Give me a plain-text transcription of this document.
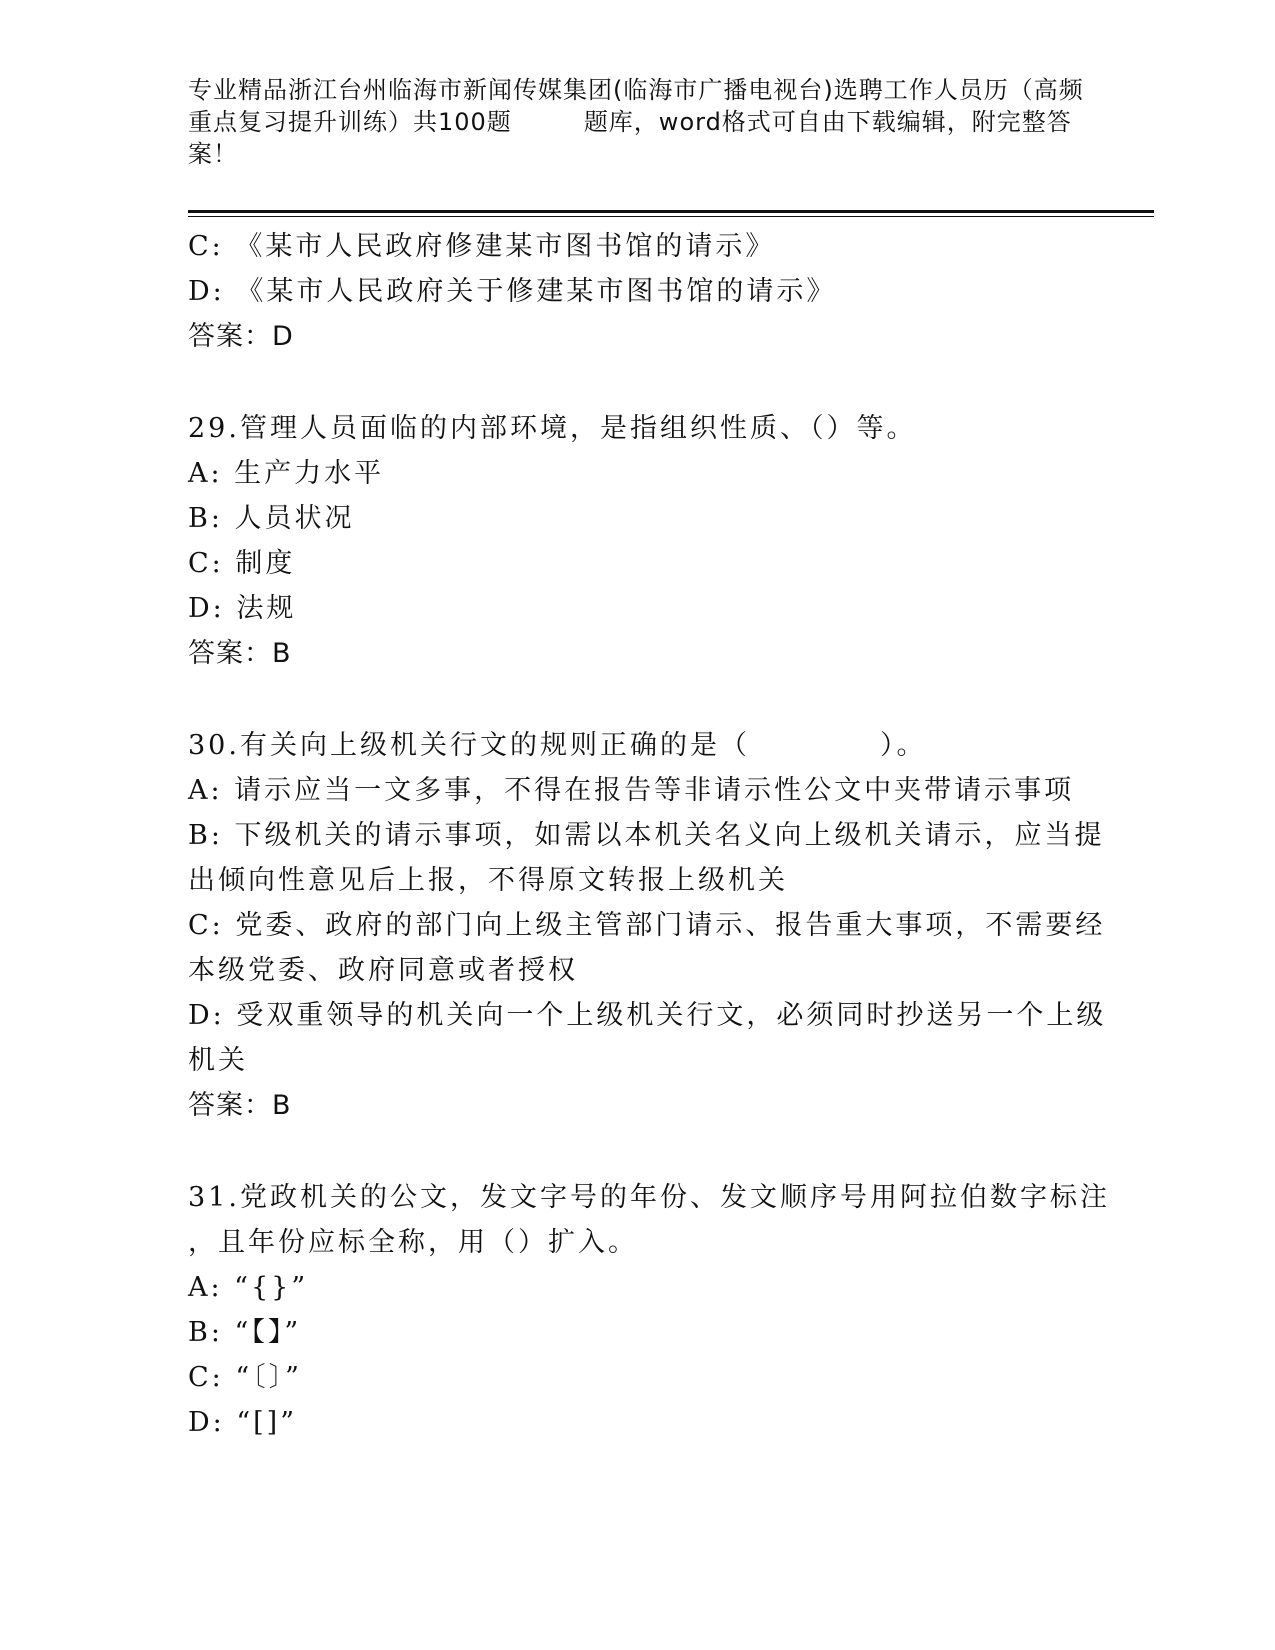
专业精品浙江台州临海市新闻传媒集团(临海市广播电视台)选聘工作人员历（高频
重点复习提升训练）共100题	题库，word格式可自由下载编辑，附完整答
案！
C: 《某市人民政府修建某市图书馆的请示》
D: 《某市人民政府关于修建某市图书馆的请示》
答案：D
29.管理人员面临的内部环境，是指组织性质、（）等。
A: 生产力水平
B: 人员状况
C: 制度
D: 法规
答案：B
30.有关向上级机关行文的规则正确的是（	）。
A: 请示应当一文多事，不得在报告等非请示性公文中夹带请示事项
B: 下级机关的请示事项，如需以本机关名义向上级机关请示，应当提
出倾向性意见后上报，不得原文转报上级机关
C: 党委、政府的部门向上级主管部门请示、报告重大事项，不需要经
本级党委、政府同意或者授权
D: 受双重领导的机关向一个上级机关行文，必须同时抄送另一个上级
机关
答案：B
31.党政机关的公文，发文字号的年份、发文顺序号用阿拉伯数字标注
，且年份应标全称，用（）扩入。
A: “{}”
B: “【】”
C: “〔〕”
D: “[]”
